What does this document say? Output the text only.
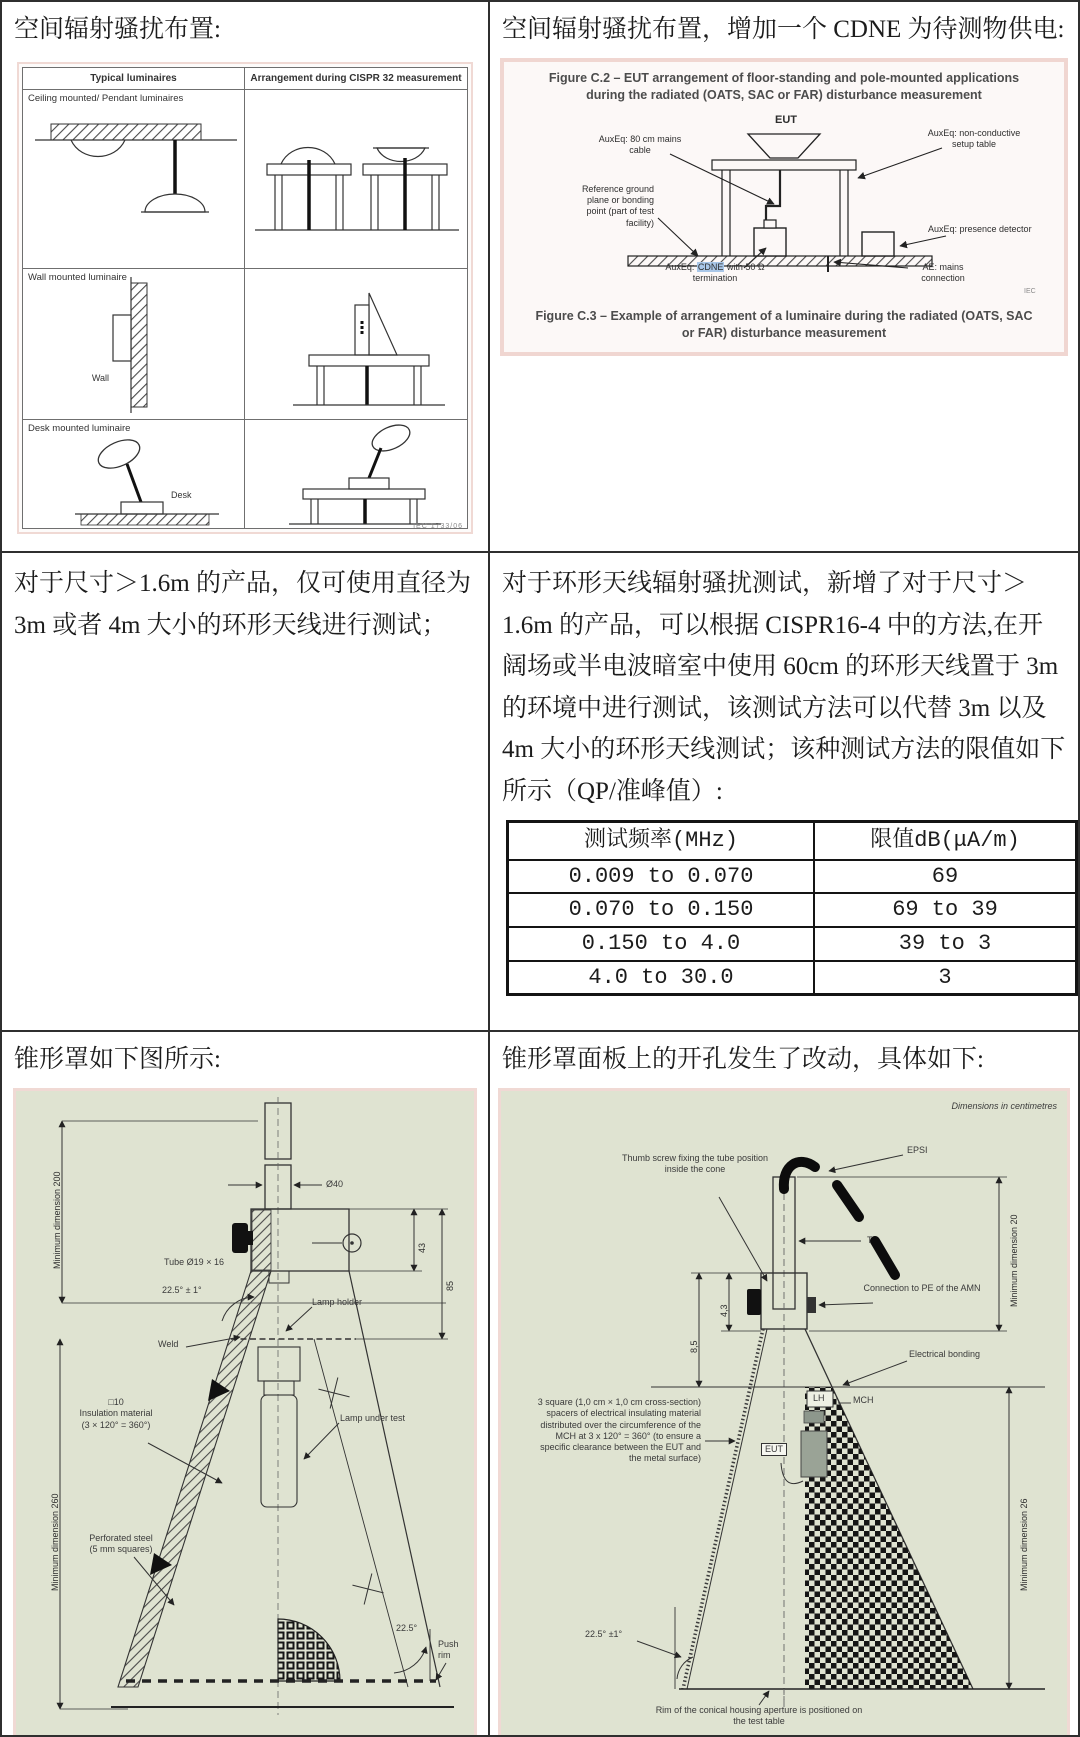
空间辐射骚扰布置:
Typical luminaires	Arrangement during CISPR 32 measurement
Ceiling mounted/ Pendant luminaires
Wall mounted luminaire
Wall
Desk mounted luminaire
Desk
IEC 1733/06
空间辐射骚扰布置，增加一个 CDNE 为待测物供电:
Figure C.2 – EUT arrangement of floor-standing and pole-mounted applications during the radiated (OATS, SAC or FAR) disturbance measurement
EUT
AuxEq: 80 cm mains cable
AuxEq: non-conductive setup table
Reference ground plane or bonding point (part of test facility)
AuxEq: presence detector
AuxEq: CDNE with 50 Ω termination
AE: mains connection
IEC
Figure C.3 – Example of arrangement of a luminaire during the radiated (OATS, SAC or FAR) disturbance measurement
对于尺寸＞1.6m 的产品，仅可使用直径为 3m 或者 4m 大小的环形天线进行测试；
对于环形天线辐射骚扰测试，新增了对于尺寸＞1.6m 的产品，可以根据 CISPR16-4 中的方法,在开阔场或半电波暗室中使用 60cm 的环形天线置于 3m 的环境中进行测试，该测试方法可以代替 3m 以及 4m 大小的环形天线测试；该种测试方法的限值如下所示（QP/准峰值）:
测试频率(MHz)	限值dB(μA/m)
0.009 to 0.070	69
0.070 to 0.150	69 to 39
0.150 to 4.0	39 to 3
4.0 to 30.0	3
锥形罩如下图所示:
Minimum dimension 200
Minimum dimension 260
Ø40
Tube Ø19 × 16
22.5° ± 1°
Lamp holder
Weld
□10
Insulation material
(3 × 120° = 360°)
Lamp under test
Perforated steel
(5 mm squares)
43
85
22.5°
Push rim
锥形罩面板上的开孔发生了改动，具体如下:
Dimensions in centimetres
Thumb screw fixing the tube position inside the cone
EPSI
T
Connection to PE of the AMN	Minimum dimension 20
4,3
8,5
Electrical bonding
LH
EUT
MCH
3 square (1,0 cm × 1,0 cm cross-section) spacers of electrical insulating material distributed over the circumference of the MCH at 3 x 120° = 360° (to ensure a specific clearance between the EUT and the metal surface)
22.5° ±1°
Minimum dimension 26
Rim of the conical housing aperture is positioned on the test table
